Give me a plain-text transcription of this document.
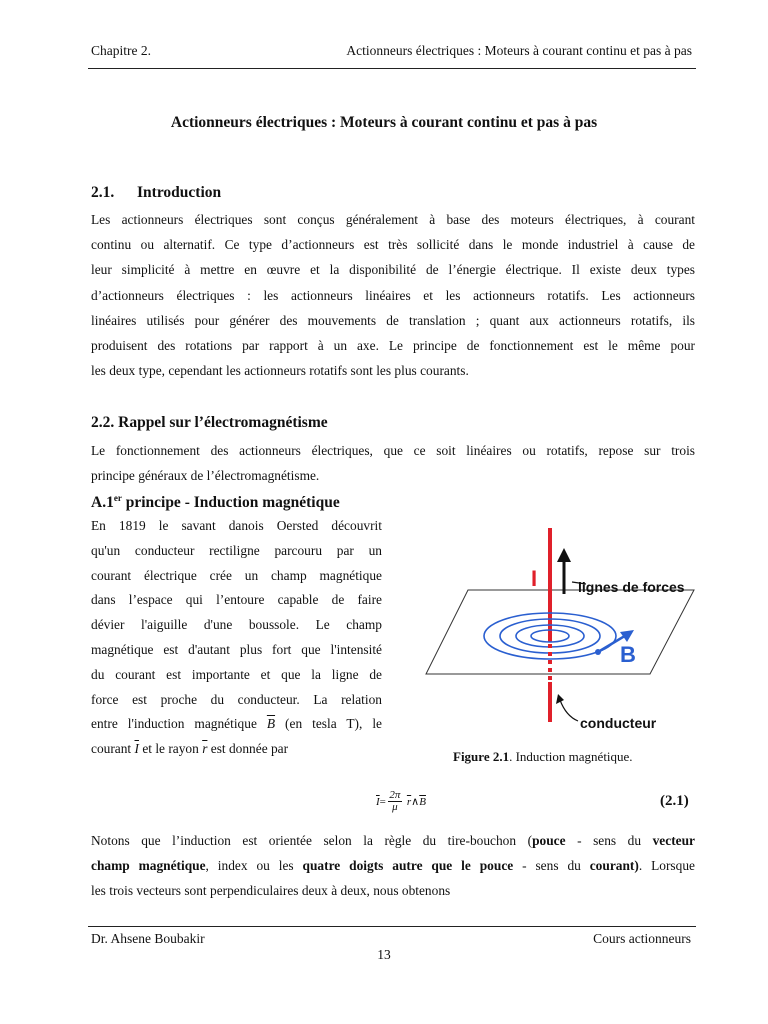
Chapitre 2.	Actionneurs électriques : Moteurs à courant continu et pas à pas
Actionneurs électriques : Moteurs à courant continu et pas à pas
2.1. Introduction
Les actionneurs électriques sont conçus généralement à base des moteurs électriques, à courant
continu ou alternatif. Ce type d’actionneurs est très sollicité dans le monde industriel à cause de
leur simplicité à mettre en œuvre et la disponibilité de l’énergie électrique. Il existe deux types
d’actionneurs électriques : les actionneurs linéaires et les actionneurs rotatifs. Les actionneurs
linéaires utilisés pour générer des mouvements de translation ; quant aux actionneurs rotatifs, ils
produisent des rotations par rapport à un axe. Le principe de fonctionnement est le même pour
les deux type, cependant les actionneurs rotatifs sont les plus courants.
2.2. Rappel sur l’électromagnétisme
Le fonctionnement des actionneurs électriques, que ce soit linéaires ou rotatifs, repose sur trois
principe généraux de l’électromagnétisme.
A.1er principe - Induction magnétique
En 1819 le savant danois Oersted découvrit
qu'un conducteur rectiligne parcouru par un
courant électrique crée un champ magnétique
dans l’espace qui l’entoure capable de faire
dévier l'aiguille d'une boussole. Le champ
magnétique est d'autant plus fort que l'intensité
du courant est importante et que la ligne de
force est proche du conducteur. La relation
entre l'induction magnétique $\overline{B}$ (en tesla T), le
courant $\overline{I}$ et le rayon $\overline{r}$ est donnée par
I	lignes de forces
B
conducteur
Figure 2.1. Induction magnétique.
$\overline{I}$ =
2π
μ $\overline{r}$ ∧ $\overline{B}$	(2.1)
Notons que l’induction est orientée selon la règle du tire-bouchon (pouce - sens du vecteur
champ magnétique, index ou les quatre doigts autre que le pouce - sens du courant). Lorsque
les trois vecteurs sont perpendiculaires deux à deux, nous obtenons
Dr. Ahsene Boubakir	Cours actionneurs
13
